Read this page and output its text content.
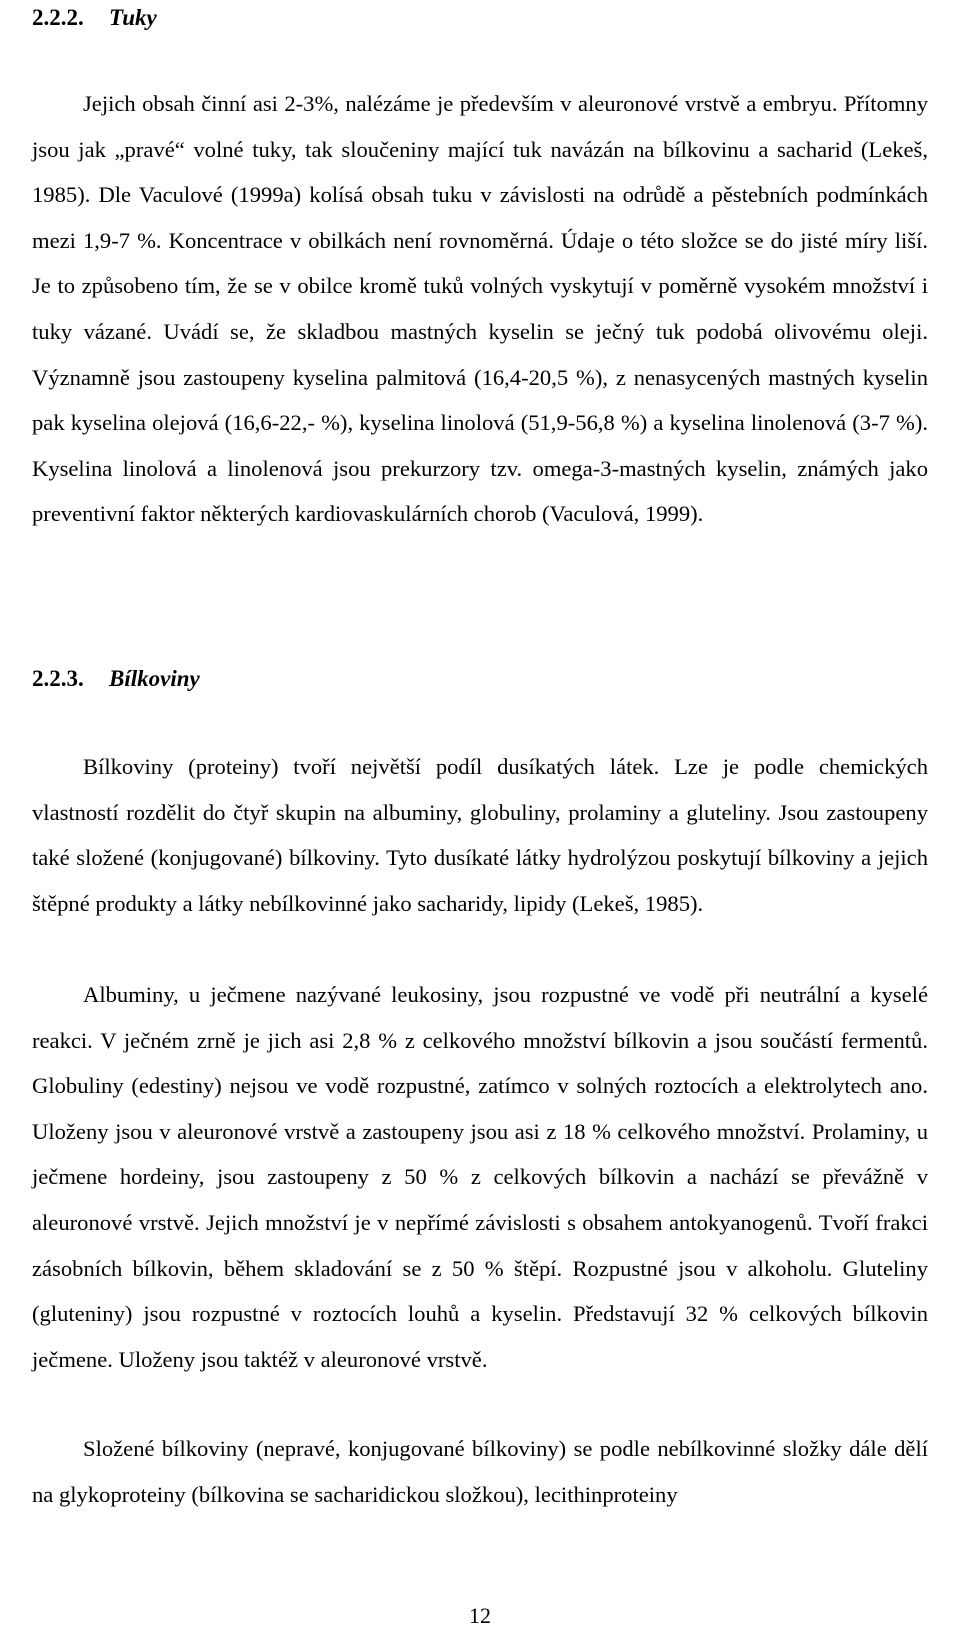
2.2.2. Tuky

Jejich obsah činní asi 2-3%, nalézáme je především v aleuronové vrstvě a embryu. Přítomny jsou jak „pravé“ volné tuky, tak sloučeniny mající tuk navázán na bílkovinu a sacharid (Lekeš, 1985). Dle Vaculové (1999a) kolísá obsah tuku v závislosti na odrůdě a pěstebních podmínkách mezi 1,9-7 %. Koncentrace v obilkách není rovnoměrná. Údaje o této složce se do jisté míry liší. Je to způsobeno tím, že se v obilce kromě tuků volných vyskytují v poměrně vysokém množství i tuky vázané. Uvádí se, že skladbou mastných kyselin se ječný tuk podobá olivovému oleji. Významně jsou zastoupeny kyselina palmitová (16,4-20,5 %), z nenasycených mastných kyselin pak kyselina olejová (16,6-22,- %), kyselina linolová (51,9-56,8 %) a kyselina linolenová (3-7 %). Kyselina linolová a linolenová jsou prekurzory tzv. omega-3-mastných kyselin, známých jako preventivní faktor některých kardiovaskulárních chorob (Vaculová, 1999).

2.2.3. Bílkoviny

Bílkoviny (proteiny) tvoří největší podíl dusíkatých látek. Lze je podle chemických vlastností rozdělit do čtyř skupin na albuminy, globuliny, prolaminy a gluteliny. Jsou zastoupeny také složené (konjugované) bílkoviny. Tyto dusíkaté látky hydrolýzou poskytují bílkoviny a jejich štěpné produkty a látky nebílkovinné jako sacharidy, lipidy (Lekeš, 1985).

Albuminy, u ječmene nazývané leukosiny, jsou rozpustné ve vodě při neutrální a kyselé reakci. V ječném zrně je jich asi 2,8 % z celkového množství bílkovin a jsou součástí fermentů. Globuliny (edestiny) nejsou ve vodě rozpustné, zatímco v solných roztocích a elektrolytech ano. Uloženy jsou v aleuronové vrstvě a zastoupeny jsou asi z 18 % celkového množství. Prolaminy, u ječmene hordeiny, jsou zastoupeny z 50 % z celkových bílkovin a nachází se převážně v aleuronové vrstvě. Jejich množství je v nepřímé závislosti s obsahem antokyanogenů. Tvoří frakci zásobních bílkovin, během skladování se z 50 % štěpí. Rozpustné jsou v alkoholu. Gluteliny (gluteniny) jsou rozpustné v roztocích louhů a kyselin. Představují 32 % celkových bílkovin ječmene. Uloženy jsou taktéž v aleuronové vrstvě.

Složené bílkoviny (nepravé, konjugované bílkoviny) se podle nebílkovinné složky dále dělí na glykoproteiny (bílkovina se sacharidickou složkou), lecithinproteiny

12
